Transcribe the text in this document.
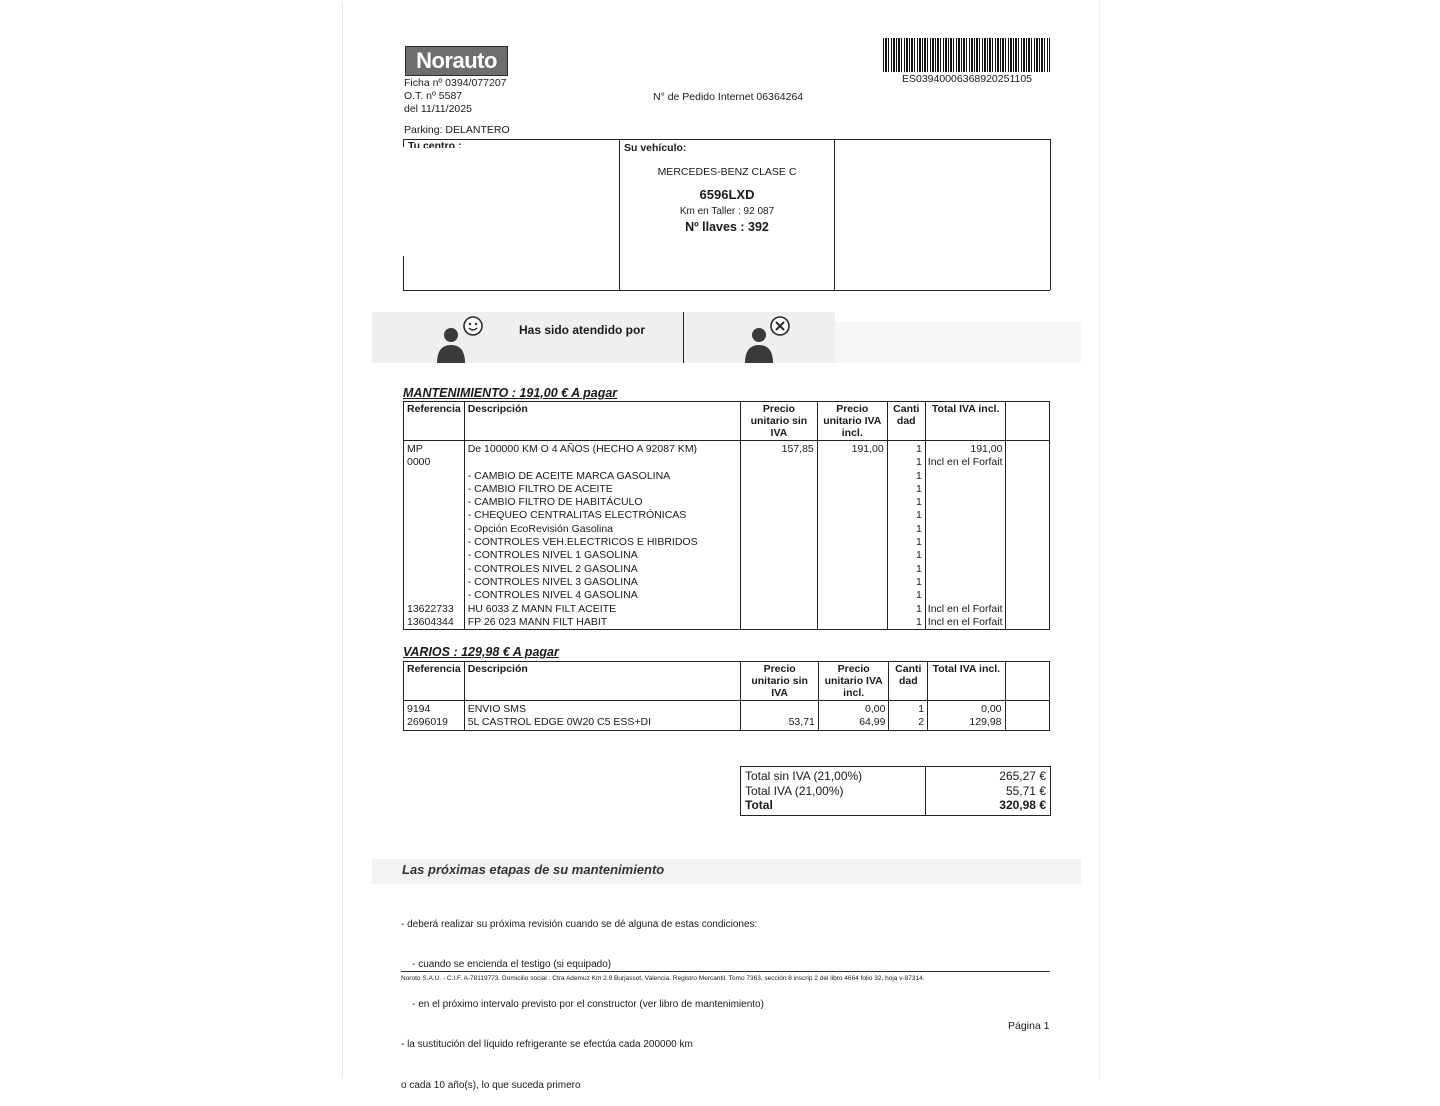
Norauto
Ficha nº 0394/077207
O.T. nº 5587
del 11/11/2025
Parking: DELANTERO
N° de Pedido Internet 06364264
ES03940006368920251105
Tu centro :	Su vehículo:
MERCEDES-BENZ CLASE C
6596LXD
Km en Taller : 92 087
Nº llaves : 392
Has sido atendido por
MANTENIMIENTO : 191,00 € A pagar
Referencia	Descripción	Precio unitario sin IVA	Precio unitario IVA incl.	Cantidad	Total IVA incl.	
MP	De 100000 KM O 4 AÑOS (HECHO A 92087 KM)	157,85	191,00	1	191,00	
0000				1	Incl en el Forfait	
	- CAMBIO DE ACEITE MARCA GASOLINA			1		
	- CAMBIO FILTRO DE ACEITE			1		
	- CAMBIO FILTRO DE HABITÁCULO			1		
	- CHEQUEO CENTRALITAS ELECTRÓNICAS			1		
	- Opción EcoRevisión Gasolina			1		
	- CONTROLES VEH.ELECTRICOS E HIBRIDOS			1		
	- CONTROLES NIVEL 1 GASOLINA			1		
	- CONTROLES NIVEL 2 GASOLINA			1		
	- CONTROLES NIVEL 3 GASOLINA			1		
	- CONTROLES NIVEL 4 GASOLINA			1		
13622733	HU 6033 Z MANN FILT ACEITE			1	Incl en el Forfait	
13604344	FP 26 023 MANN FILT HABIT			1	Incl en el Forfait	
VARIOS : 129,98 € A pagar
Referencia	Descripción	Precio unitario sin IVA	Precio unitario IVA incl.	Cantidad	Total IVA incl.	
9194	ENVIO SMS		0,00	1	0,00	
2696019	5L CASTROL EDGE 0W20 C5 ESS+DI	53,71	64,99	2	129,98	
Total sin IVA (21,00%)	265,27 €
Total IVA (21,00%)	55,71 €
Total	320,98 €
Las próximas etapas de su mantenimiento

- deberá realizar su próxima revisión cuando se dé alguna de estas condiciones:

- cuando se encienda el testigo (si equipado)

- en el próximo intervalo previsto por el constructor (ver libro de mantenimiento)

- la sustitución del líquido refrigerante se efectúa cada 200000 km

o cada 10 año(s), lo que suceda primero

Noroto S.A.U. - C.I.F. A-78119773. Domicilio social : Ctra Ademuz Km 2.9 Burjassot, Valencia. Registro Mercantil. Tomo 7363, sección 8 inscrip 2 del libro 4664 folio 32, hoja v-87314.
Página 1
